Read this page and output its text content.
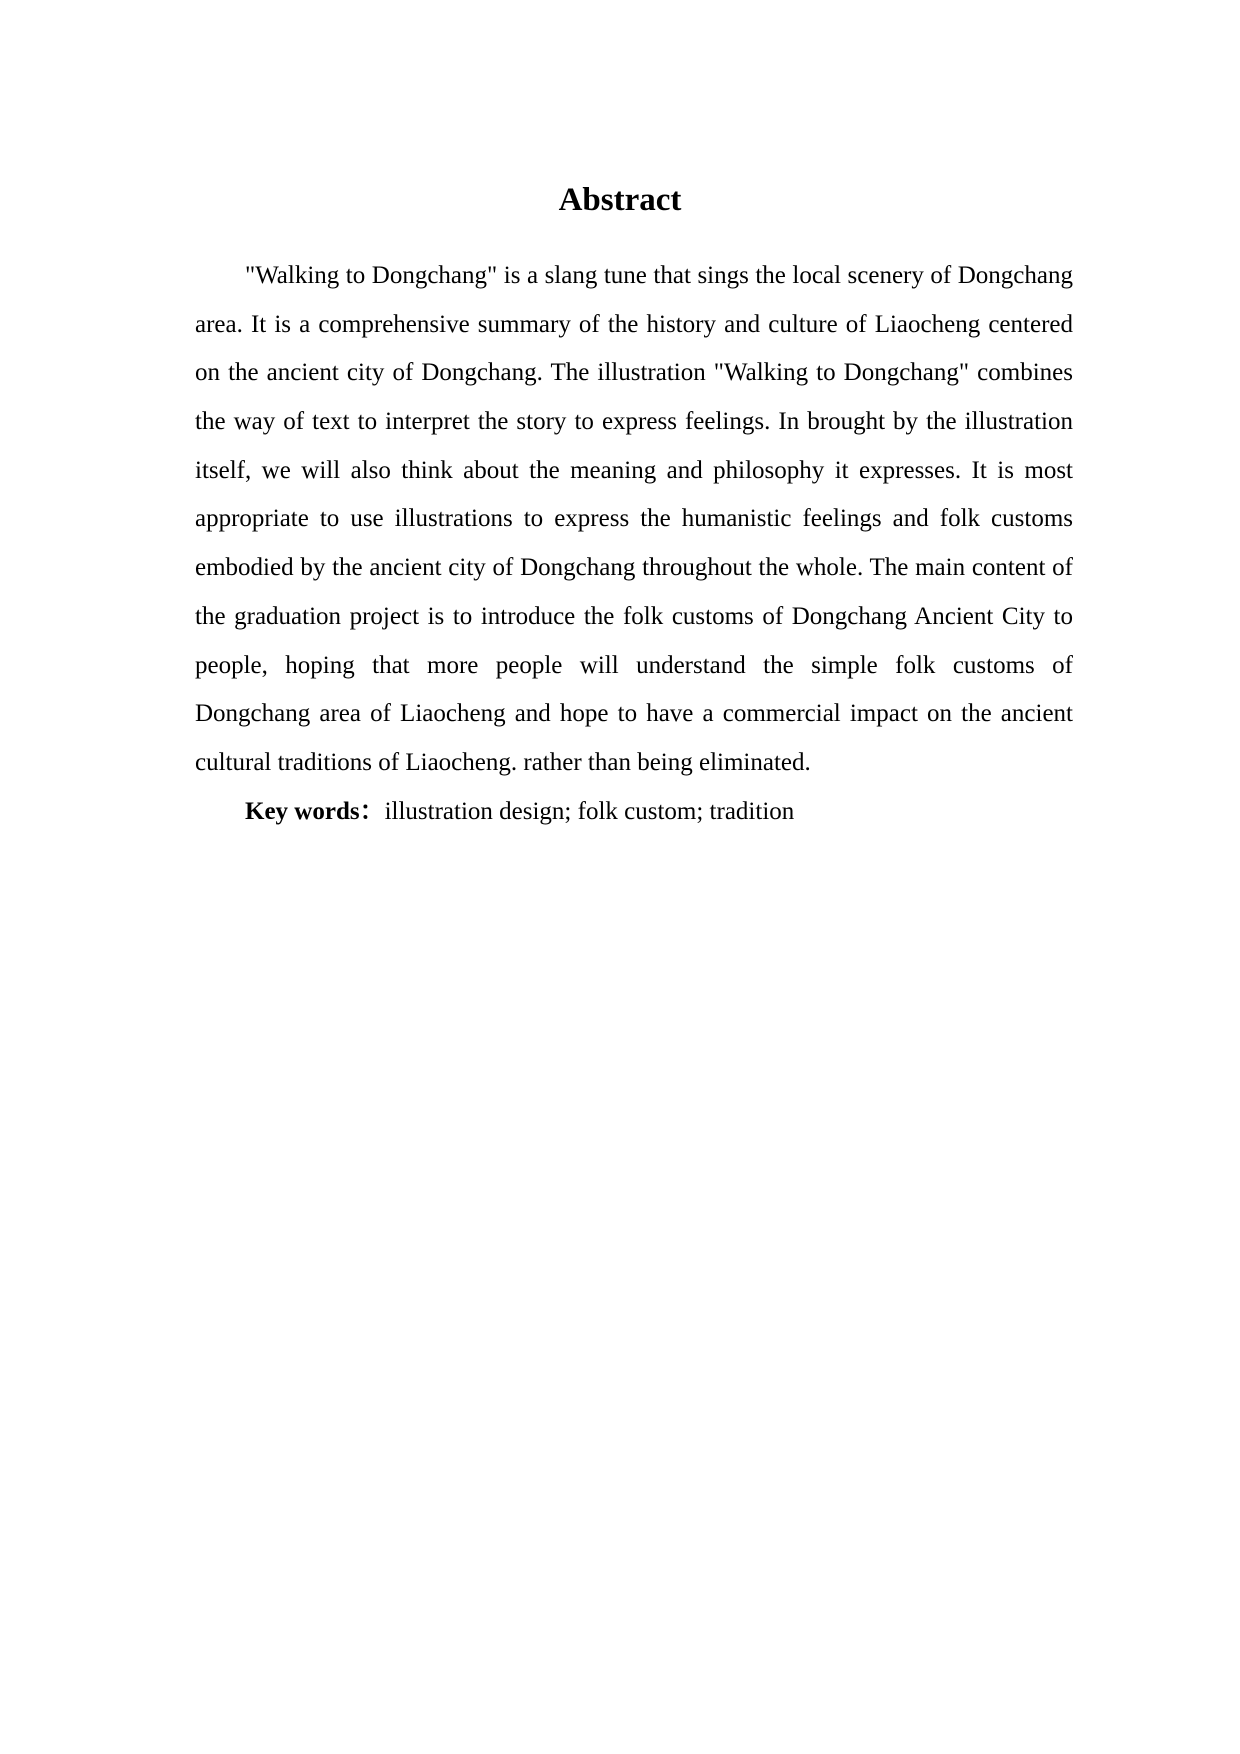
Abstract
"Walking to Dongchang" is a slang tune that sings the local scenery of Dongchang
area. It is a comprehensive summary of the history and culture of Liaocheng centered
on the ancient city of Dongchang. The illustration "Walking to Dongchang" combines
the way of text to interpret the story to express feelings. In brought by the illustration
itself, we will also think about the meaning and philosophy it expresses. It is most
appropriate to use illustrations to express the humanistic feelings and folk customs
embodied by the ancient city of Dongchang throughout the whole. The main content of
the graduation project is to introduce the folk customs of Dongchang Ancient City to
people, hoping that more people will understand the simple folk customs of
Dongchang area of Liaocheng and hope to have a commercial impact on the ancient
cultural traditions of Liaocheng. rather than being eliminated.
Key words：illustration design; folk custom; tradition
